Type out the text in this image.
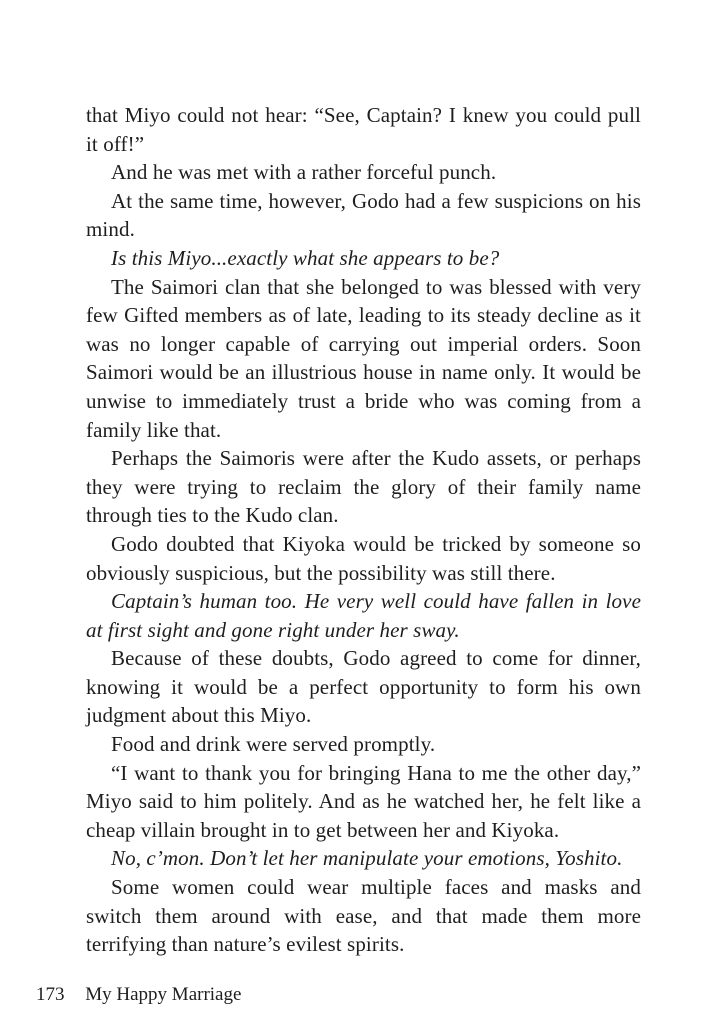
that Miyo could not hear: “See, Captain? I knew you could pull it off!”

And he was met with a rather forceful punch.

At the same time, however, Godo had a few suspicions on his mind.

Is this Miyo...exactly what she appears to be?

The Saimori clan that she belonged to was blessed with very few Gifted members as of late, leading to its steady decline as it was no longer capable of carrying out imperial orders. Soon Saimori would be an illustrious house in name only. It would be unwise to immediately trust a bride who was coming from a family like that.

Perhaps the Saimoris were after the Kudo assets, or perhaps they were trying to reclaim the glory of their family name through ties to the Kudo clan.

Godo doubted that Kiyoka would be tricked by someone so obviously suspicious, but the possibility was still there.

Captain’s human too. He very well could have fallen in love at first sight and gone right under her sway.

Because of these doubts, Godo agreed to come for dinner, knowing it would be a perfect opportunity to form his own judgment about this Miyo.

Food and drink were served promptly.

“I want to thank you for bringing Hana to me the other day,” Miyo said to him politely. And as he watched her, he felt like a cheap villain brought in to get between her and Kiyoka.

No, c’mon. Don’t let her manipulate your emotions, Yoshito.

Some women could wear multiple faces and masks and switch them around with ease, and that made them more terrifying than nature’s evilest spirits.

173 My Happy Marriage
